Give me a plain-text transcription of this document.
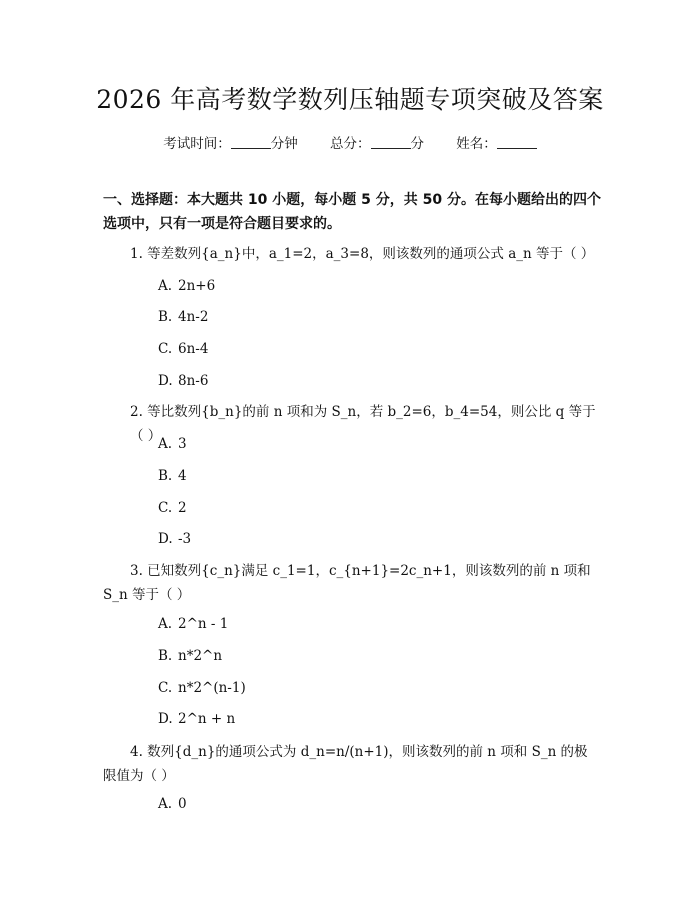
2026 年高考数学数列压轴题专项突破及答案
考试时间：	分钟 总分：	分 姓名：
一、选择题：本大题共 10 小题，每小题 5 分，共 50 分。在每小题给出的四个选项中，只有一项是符合题目要求的。
1. 等差数列{a_n}中，a_1=2，a_3=8，则该数列的通项公式 a_n 等于（ ）
A. 2n+6
B. 4n-2
C. 6n-4
D. 8n-6
2. 等比数列{b_n}的前 n 项和为 S_n，若 b_2=6，b_4=54，则公比 q 等于（ ）
A. 3
B. 4
C. 2
D. -3
3. 已知数列{c_n}满足 c_1=1，c_{n+1}=2c_n+1，则该数列的前 n 项和 S_n 等于（ ）
A. 2^n - 1
B. n*2^n
C. n*2^(n-1)
D. 2^n + n
4. 数列{d_n}的通项公式为 d_n=n/(n+1)，则该数列的前 n 项和 S_n 的极限值为（ ）
A. 0
